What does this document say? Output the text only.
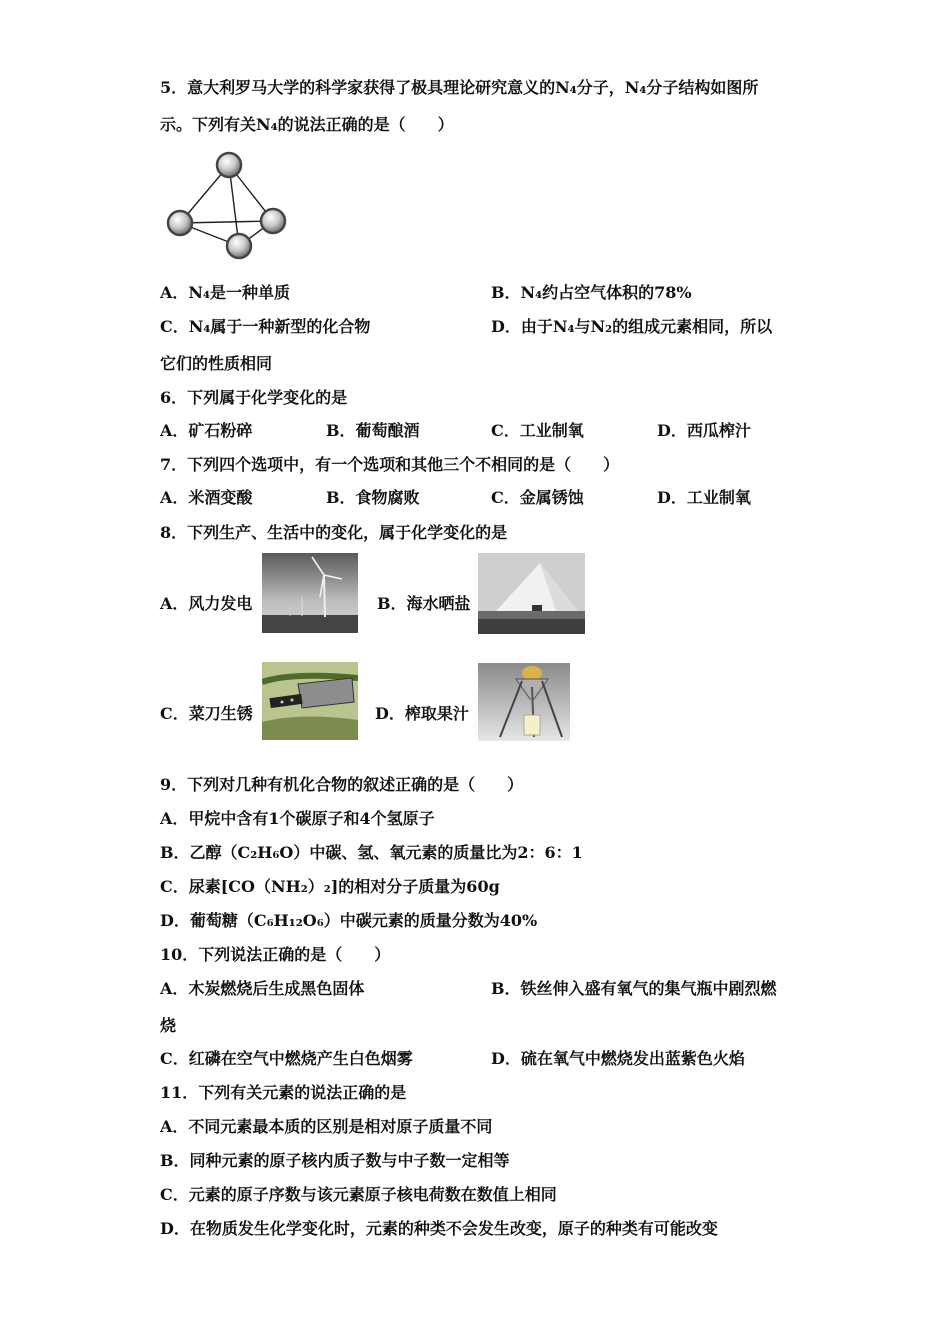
5．意大利罗马大学的科学家获得了极具理论研究意义的N₄分子，N₄分子结构如图所
示。下列有关N₄的说法正确的是（　　）
A．N₄是一种单质	B．N₄约占空气体积的78%
C．N₄属于一种新型的化合物	D．由于N₄与N₂的组成元素相同，所以
它们的性质相同
6．下列属于化学变化的是
A．矿石粉碎	B．葡萄酿酒	C．工业制氧	D．西瓜榨汁
7．下列四个选项中，有一个选项和其他三个不相同的是（　　）
A．米酒变酸	B．食物腐败	C．金属锈蚀	D．工业制氧
8．下列生产、生活中的变化，属于化学变化的是
A．风力发电	B．海水晒盐
C．菜刀生锈	D．榨取果汁
9．下列对几种有机化合物的叙述正确的是（　　）
A．甲烷中含有1个碳原子和4个氢原子
B．乙醇（C₂H₆O）中碳、氢、氧元素的质量比为2：6：1
C．尿素[CO（NH₂）₂]的相对分子质量为60g
D．葡萄糖（C₆H₁₂O₆）中碳元素的质量分数为40%
10．下列说法正确的是（　　）
A．木炭燃烧后生成黑色固体	B．铁丝伸入盛有氧气的集气瓶中剧烈燃
烧
C．红磷在空气中燃烧产生白色烟雾	D．硫在氧气中燃烧发出蓝紫色火焰
11．下列有关元素的说法正确的是
A．不同元素最本质的区别是相对原子质量不同
B．同种元素的原子核内质子数与中子数一定相等
C．元素的原子序数与该元素原子核电荷数在数值上相同
D．在物质发生化学变化时，元素的种类不会发生改变，原子的种类有可能改变
